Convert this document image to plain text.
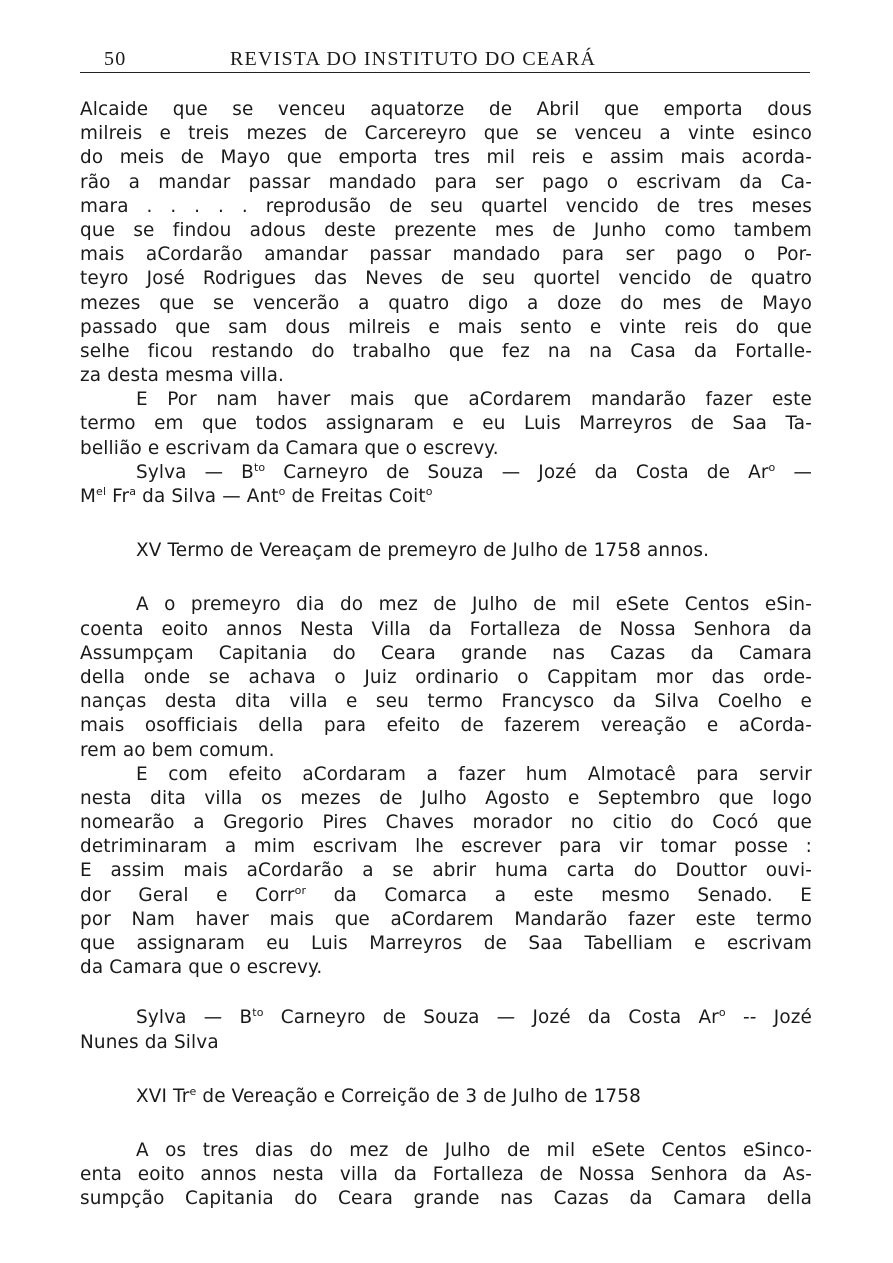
50	REVISTA DO INSTITUTO DO CEARÁ
Alcaide que se venceu aquatorze de Abril que emporta dous
milreis e treis mezes de Carcereyro que se venceu a vinte esinco
do meis de Mayo que emporta tres mil reis e assim mais acorda-
rão a mandar passar mandado para ser pago o escrivam da Ca-
mara . . . . . reprodusão de seu quartel vencido de tres meses
que se findou adous deste prezente mes de Junho como tambem
mais aCordarão amandar passar mandado para ser pago o Por-
teyro José Rodrigues das Neves de seu quortel vencido de quatro
mezes que se vencerão a quatro digo a doze do mes de Mayo
passado que sam dous milreis e mais sento e vinte reis do que
selhe ficou restando do trabalho que fez na na Casa da Fortalle-
za desta mesma villa.
E Por nam haver mais que aCordarem mandarão fazer este
termo em que todos assignaram e eu Luis Marreyros de Saa Ta-
bellião e escrivam da Camara que o escrevy.
Sylva — $B^{to}$ Carneyro de Souza — Jozé da Costa de Ar$^o$ —
$M^{el}$ Fr$^a$ da Silva — Ant$^o$ de Freitas Coit$^o$
XV Termo de Vereaçam de premeyro de Julho de 1758 annos.
A o premeyro dia do mez de Julho de mil eSete Centos eSin-
coenta eoito annos Nesta Villa da Fortalleza de Nossa Senhora da
Assumpçam Capitania do Ceara grande nas Cazas da Camara
della onde se achava o Juiz ordinario o Cappitam mor das orde-
nanças desta dita villa e seu termo Francysco da Silva Coelho e
mais osofficiais della para efeito de fazerem vereação e aCorda-
rem ao bem comum.
E com efeito aCordaram a fazer hum Almotacê para servir
nesta dita villa os mezes de Julho Agosto e Septembro que logo
nomearão a Gregorio Pires Chaves morador no citio do Cocó que
detriminaram a mim escrivam lhe escrever para vir tomar posse :
E assim mais aCordarão a se abrir huma carta do Douttor ouvi-
dor Geral e Corr$^{or}$ da Comarca a este mesmo Senado. E
por Nam haver mais que aCordarem Mandarão fazer este termo
que assignaram eu Luis Marreyros de Saa Tabelliam e escrivam
da Camara que o escrevy.
Sylva — $B^{to}$ Carneyro de Souza — Jozé da Costa Ar$^o$ -- Jozé
Nunes da Silva
XVI Tr$^e$ de Vereação e Correição de 3 de Julho de 1758
A os tres dias do mez de Julho de mil eSete Centos eSinco-
enta eoito annos nesta villa da Fortalleza de Nossa Senhora da As-
sumpção Capitania do Ceara grande nas Cazas da Camara della
